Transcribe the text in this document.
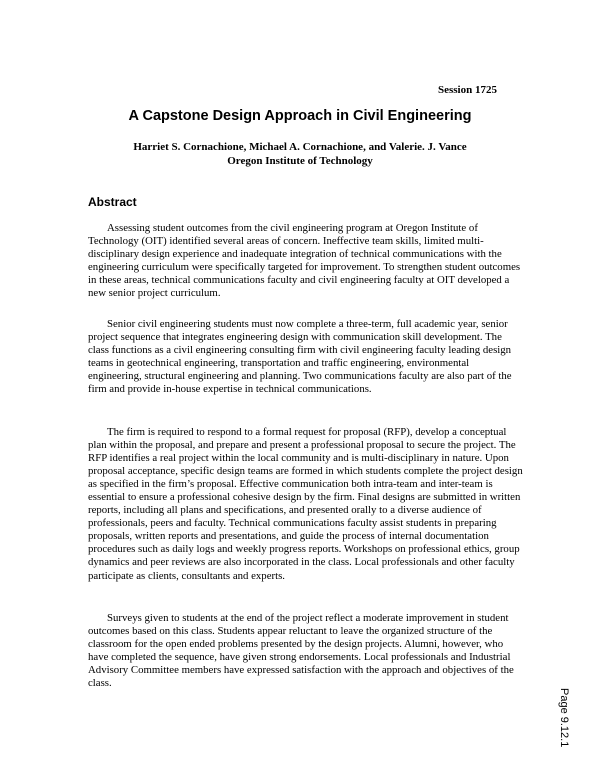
Session 1725
A Capstone Design Approach in Civil Engineering
Harriet S. Cornachione, Michael A. Cornachione, and Valerie. J. Vance
Oregon Institute of Technology
Abstract

Assessing student outcomes from the civil engineering program at Oregon Institute of Technology (OIT) identified several areas of concern. Ineffective team skills, limited multi-disciplinary design experience and inadequate integration of technical communications with the engineering curriculum were specifically targeted for improvement. To strengthen student outcomes in these areas, technical communications faculty and civil engineering faculty at OIT developed a new senior project curriculum.

Senior civil engineering students must now complete a three-term, full academic year, senior project sequence that integrates engineering design with communication skill development. The class functions as a civil engineering consulting firm with civil engineering faculty leading design teams in geotechnical engineering, transportation and traffic engineering, environmental engineering, structural engineering and planning. Two communications faculty are also part of the firm and provide in-house expertise in technical communications.

The firm is required to respond to a formal request for proposal (RFP), develop a conceptual plan within the proposal, and prepare and present a professional proposal to secure the project. The RFP identifies a real project within the local community and is multi-disciplinary in nature. Upon proposal acceptance, specific design teams are formed in which students complete the project design as specified in the firm’s proposal. Effective communication both intra-team and inter-team is essential to ensure a professional cohesive design by the firm. Final designs are submitted in written reports, including all plans and specifications, and presented orally to a diverse audience of professionals, peers and faculty. Technical communications faculty assist students in preparing proposals, written reports and presentations, and guide the process of internal documentation procedures such as daily logs and weekly progress reports. Workshops on professional ethics, group dynamics and peer reviews are also incorporated in the class. Local professionals and other faculty participate as clients, consultants and experts.

Surveys given to students at the end of the project reflect a moderate improvement in student outcomes based on this class. Students appear reluctant to leave the organized structure of the classroom for the open ended problems presented by the design projects. Alumni, however, who have completed the sequence, have given strong endorsements. Local professionals and Industrial Advisory Committee members have expressed satisfaction with the approach and objectives of the class.

Page 9.12.1
